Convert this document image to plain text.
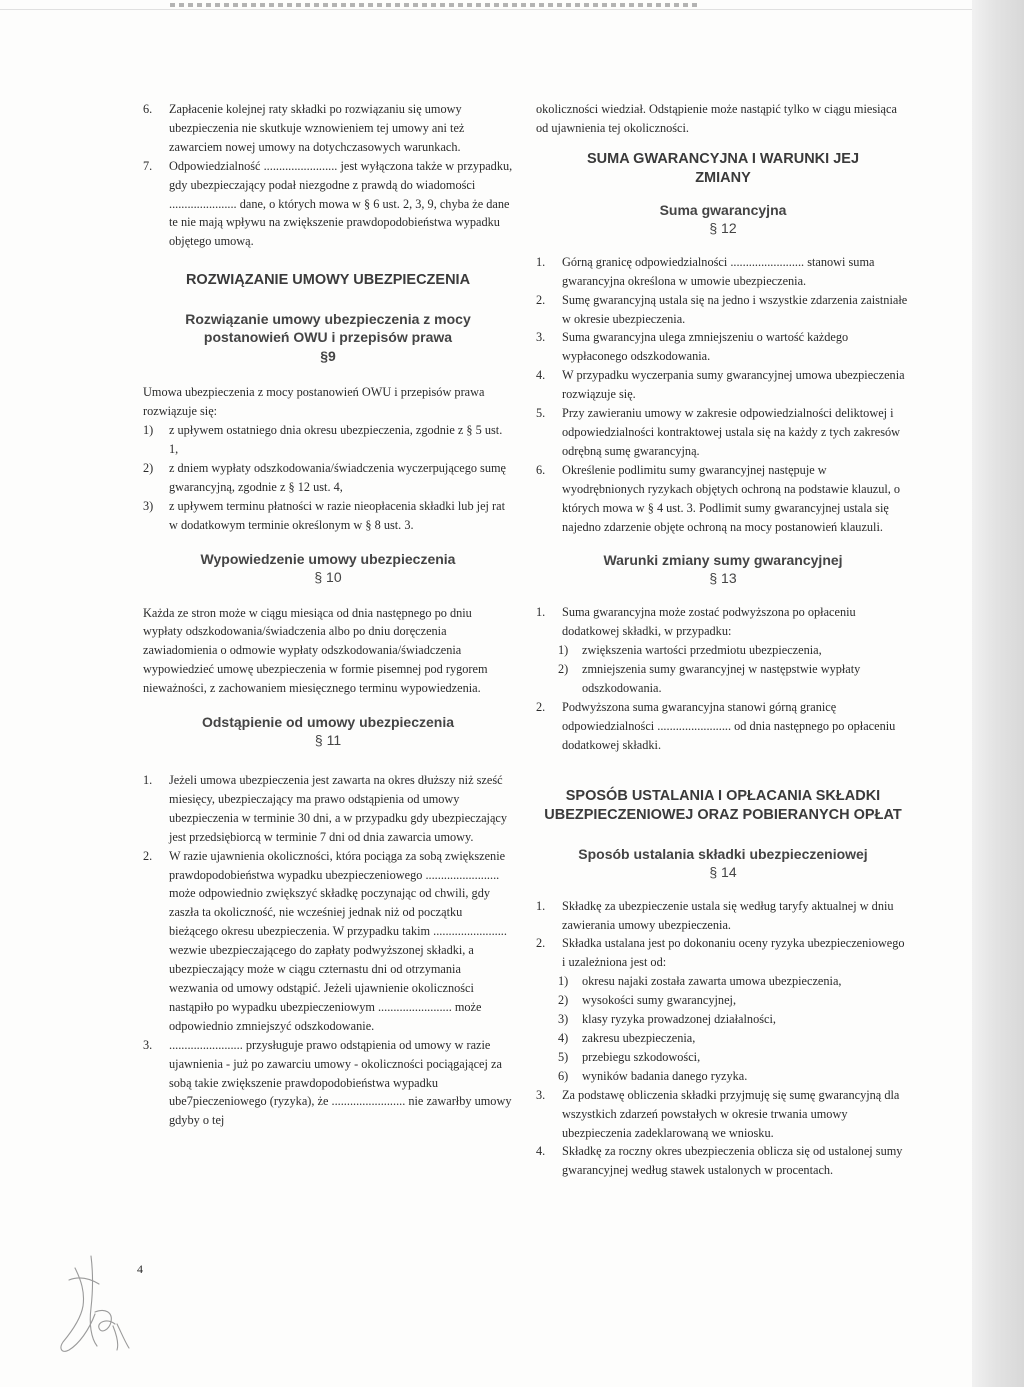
6. Zapłacenie kolejnej raty składki po rozwiązaniu się umowy ubezpieczenia nie skutkuje wznowieniem tej umowy ani też zawarciem nowej umowy na dotychczasowych warunkach.

7. Odpowiedzialność ........................ jest wyłączona także w przypadku, gdy ubezpieczający podał niezgodne z prawdą do wiadomości ...................... dane, o których mowa w § 6 ust. 2, 3, 9, chyba że dane te nie mają wpływu na zwiększenie prawdopodobieństwa wypadku objętego umową.

ROZWIĄZANIE UMOWY UBEZPIECZENIA
Rozwiązanie umowy ubezpieczenia z mocy postanowień OWU i przepisów prawa
§9

Umowa ubezpieczenia z mocy postanowień OWU i przepisów prawa rozwiązuje się:

1) z upływem ostatniego dnia okresu ubezpieczenia, zgodnie z § 5 ust. 1,

2) z dniem wypłaty odszkodowania/świadczenia wyczerpującego sumę gwarancyjną, zgodnie z § 12 ust. 4,

3) z upływem terminu płatności w razie nieopłacenia składki lub jej rat w dodatkowym terminie określonym w § 8 ust. 3.

Wypowiedzenie umowy ubezpieczenia
§ 10

Każda ze stron może w ciągu miesiąca od dnia następnego po dniu wypłaty odszkodowania/świadczenia albo po dniu doręczenia zawiadomienia o odmowie wypłaty odszkodowania/świadczenia wypowiedzieć umowę ubezpieczenia w formie pisemnej pod rygorem nieważności, z zachowaniem miesięcznego terminu wypowiedzenia.

Odstąpienie od umowy ubezpieczenia
§ 11
1. Jeżeli umowa ubezpieczenia jest zawarta na okres dłuższy niż sześć miesięcy, ubezpieczający ma prawo odstąpienia od umowy ubezpieczenia w terminie 30 dni, a w przypadku gdy ubezpieczający jest przedsiębiorcą w terminie 7 dni od dnia zawarcia umowy.

2. W razie ujawnienia okoliczności, która pociąga za sobą zwiększenie prawdopodobieństwa wypadku ubezpieczeniowego ........................ może odpowiednio zwiększyć składkę poczynając od chwili, gdy zaszła ta okoliczność, nie wcześniej jednak niż od początku bieżącego okresu ubezpieczenia. W przypadku takim ........................ wezwie ubezpieczającego do zapłaty podwyższonej składki, a ubezpieczający może w ciągu czternastu dni od otrzymania wezwania od umowy odstąpić. Jeżeli ujawnienie okoliczności nastąpiło po wypadku ubezpieczeniowym ........................ może odpowiednio zmniejszyć odszkodowanie.

3. ........................ przysługuje prawo odstąpienia od umowy w razie ujawnienia - już po zawarciu umowy - okoliczności pociągającej za sobą takie zwiększenie prawdopodobieństwa wypadku ube7pieczeniowego (ryzyka), że ........................ nie zawarłby umowy gdyby o tej

okoliczności wiedział. Odstąpienie może nastąpić tylko w ciągu miesiąca od ujawnienia tej okoliczności.

SUMA GWARANCYJNA I WARUNKI JEJ ZMIANY
Suma gwarancyjna
§ 12
1. Górną granicę odpowiedzialności ........................ stanowi suma gwarancyjna określona w umowie ubezpieczenia.

2. Sumę gwarancyjną ustala się na jedno i wszystkie zdarzenia zaistniałe w okresie ubezpieczenia.

3. Suma gwarancyjna ulega zmniejszeniu o wartość każdego wypłaconego odszkodowania.

4. W przypadku wyczerpania sumy gwarancyjnej umowa ubezpieczenia rozwiązuje się.

5. Przy zawieraniu umowy w zakresie odpowiedzialności deliktowej i odpowiedzialności kontraktowej ustala się na każdy z tych zakresów odrębną sumę gwarancyjną.

6. Określenie podlimitu sumy gwarancyjnej następuje w wyodrębnionych ryzykach objętych ochroną na podstawie klauzul, o których mowa w § 4 ust. 3. Podlimit sumy gwarancyjnej ustala się najedno zdarzenie objęte ochroną na mocy postanowień klauzuli.

Warunki zmiany sumy gwarancyjnej
§ 13
1. Suma gwarancyjna może zostać podwyższona po opłaceniu dodatkowej składki, w przypadku:

1) zwiększenia wartości przedmiotu ubezpieczenia,

2) zmniejszenia sumy gwarancyjnej w następstwie wypłaty odszkodowania.

2. Podwyższona suma gwarancyjna stanowi górną granicę odpowiedzialności ........................ od dnia następnego po opłaceniu dodatkowej składki.

SPOSÓB USTALANIA I OPŁACANIA SKŁADKI UBEZPIECZENIOWEJ ORAZ POBIERANYCH OPŁAT
Sposób ustalania składki ubezpieczeniowej
§ 14
1. Składkę za ubezpieczenie ustala się według taryfy aktualnej w dniu zawierania umowy ubezpieczenia.

2. Składka ustalana jest po dokonaniu oceny ryzyka ubezpieczeniowego i uzależniona jest od:

1) okresu najaki została zawarta umowa ubezpieczenia,

2) wysokości sumy gwarancyjnej,

3) klasy ryzyka prowadzonej działalności,

4) zakresu ubezpieczenia,

5) przebiegu szkodowości,

6) wyników badania danego ryzyka.

3. Za podstawę obliczenia składki przyjmuję się sumę gwarancyjną dla wszystkich zdarzeń powstałych w okresie trwania umowy ubezpieczenia zadeklarowaną we wniosku.

4. Składkę za roczny okres ubezpieczenia oblicza się od ustalonej sumy gwarancyjnej według stawek ustalonych w procentach.

4
